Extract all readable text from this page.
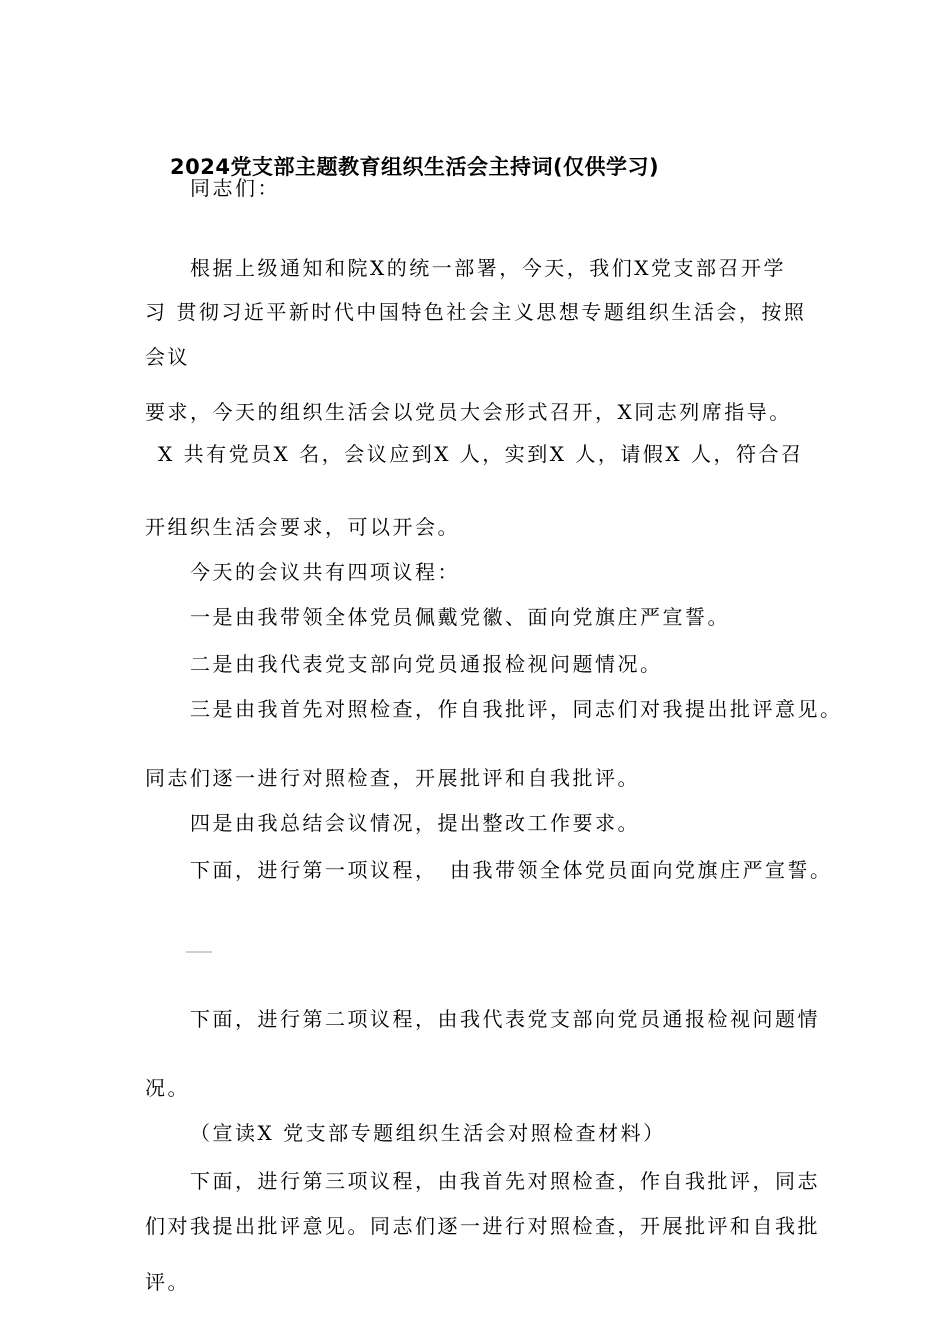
2024党支部主题教育组织生活会主持词(仅供学习)

同志们：

根据上级通知和院X的统一部署，今天，我们X党支部召开学

习 贯彻习近平新时代中国特色社会主义思想专题组织生活会，按照

会议

要求，今天的组织生活会以党员大会形式召开，X同志列席指导。

X 共有党员X 名，会议应到X 人，实到X 人，请假X 人，符合召

开组织生活会要求，可以开会。

今天的会议共有四项议程：

一是由我带领全体党员佩戴党徽、面向党旗庄严宣誓。

二是由我代表党支部向党员通报检视问题情况。

三是由我首先对照检查，作自我批评，同志们对我提出批评意见。

同志们逐一进行对照检查，开展批评和自我批评。

四是由我总结会议情况，提出整改工作要求。

下面，进行第一项议程，　由我带领全体党员面向党旗庄严宣誓。

下面，进行第二项议程，由我代表党支部向党员通报检视问题情

况。

（宣读X 党支部专题组织生活会对照检查材料）

下面，进行第三项议程，由我首先对照检查，作自我批评，同志

们对我提出批评意见。同志们逐一进行对照检查，开展批评和自我批

评。
